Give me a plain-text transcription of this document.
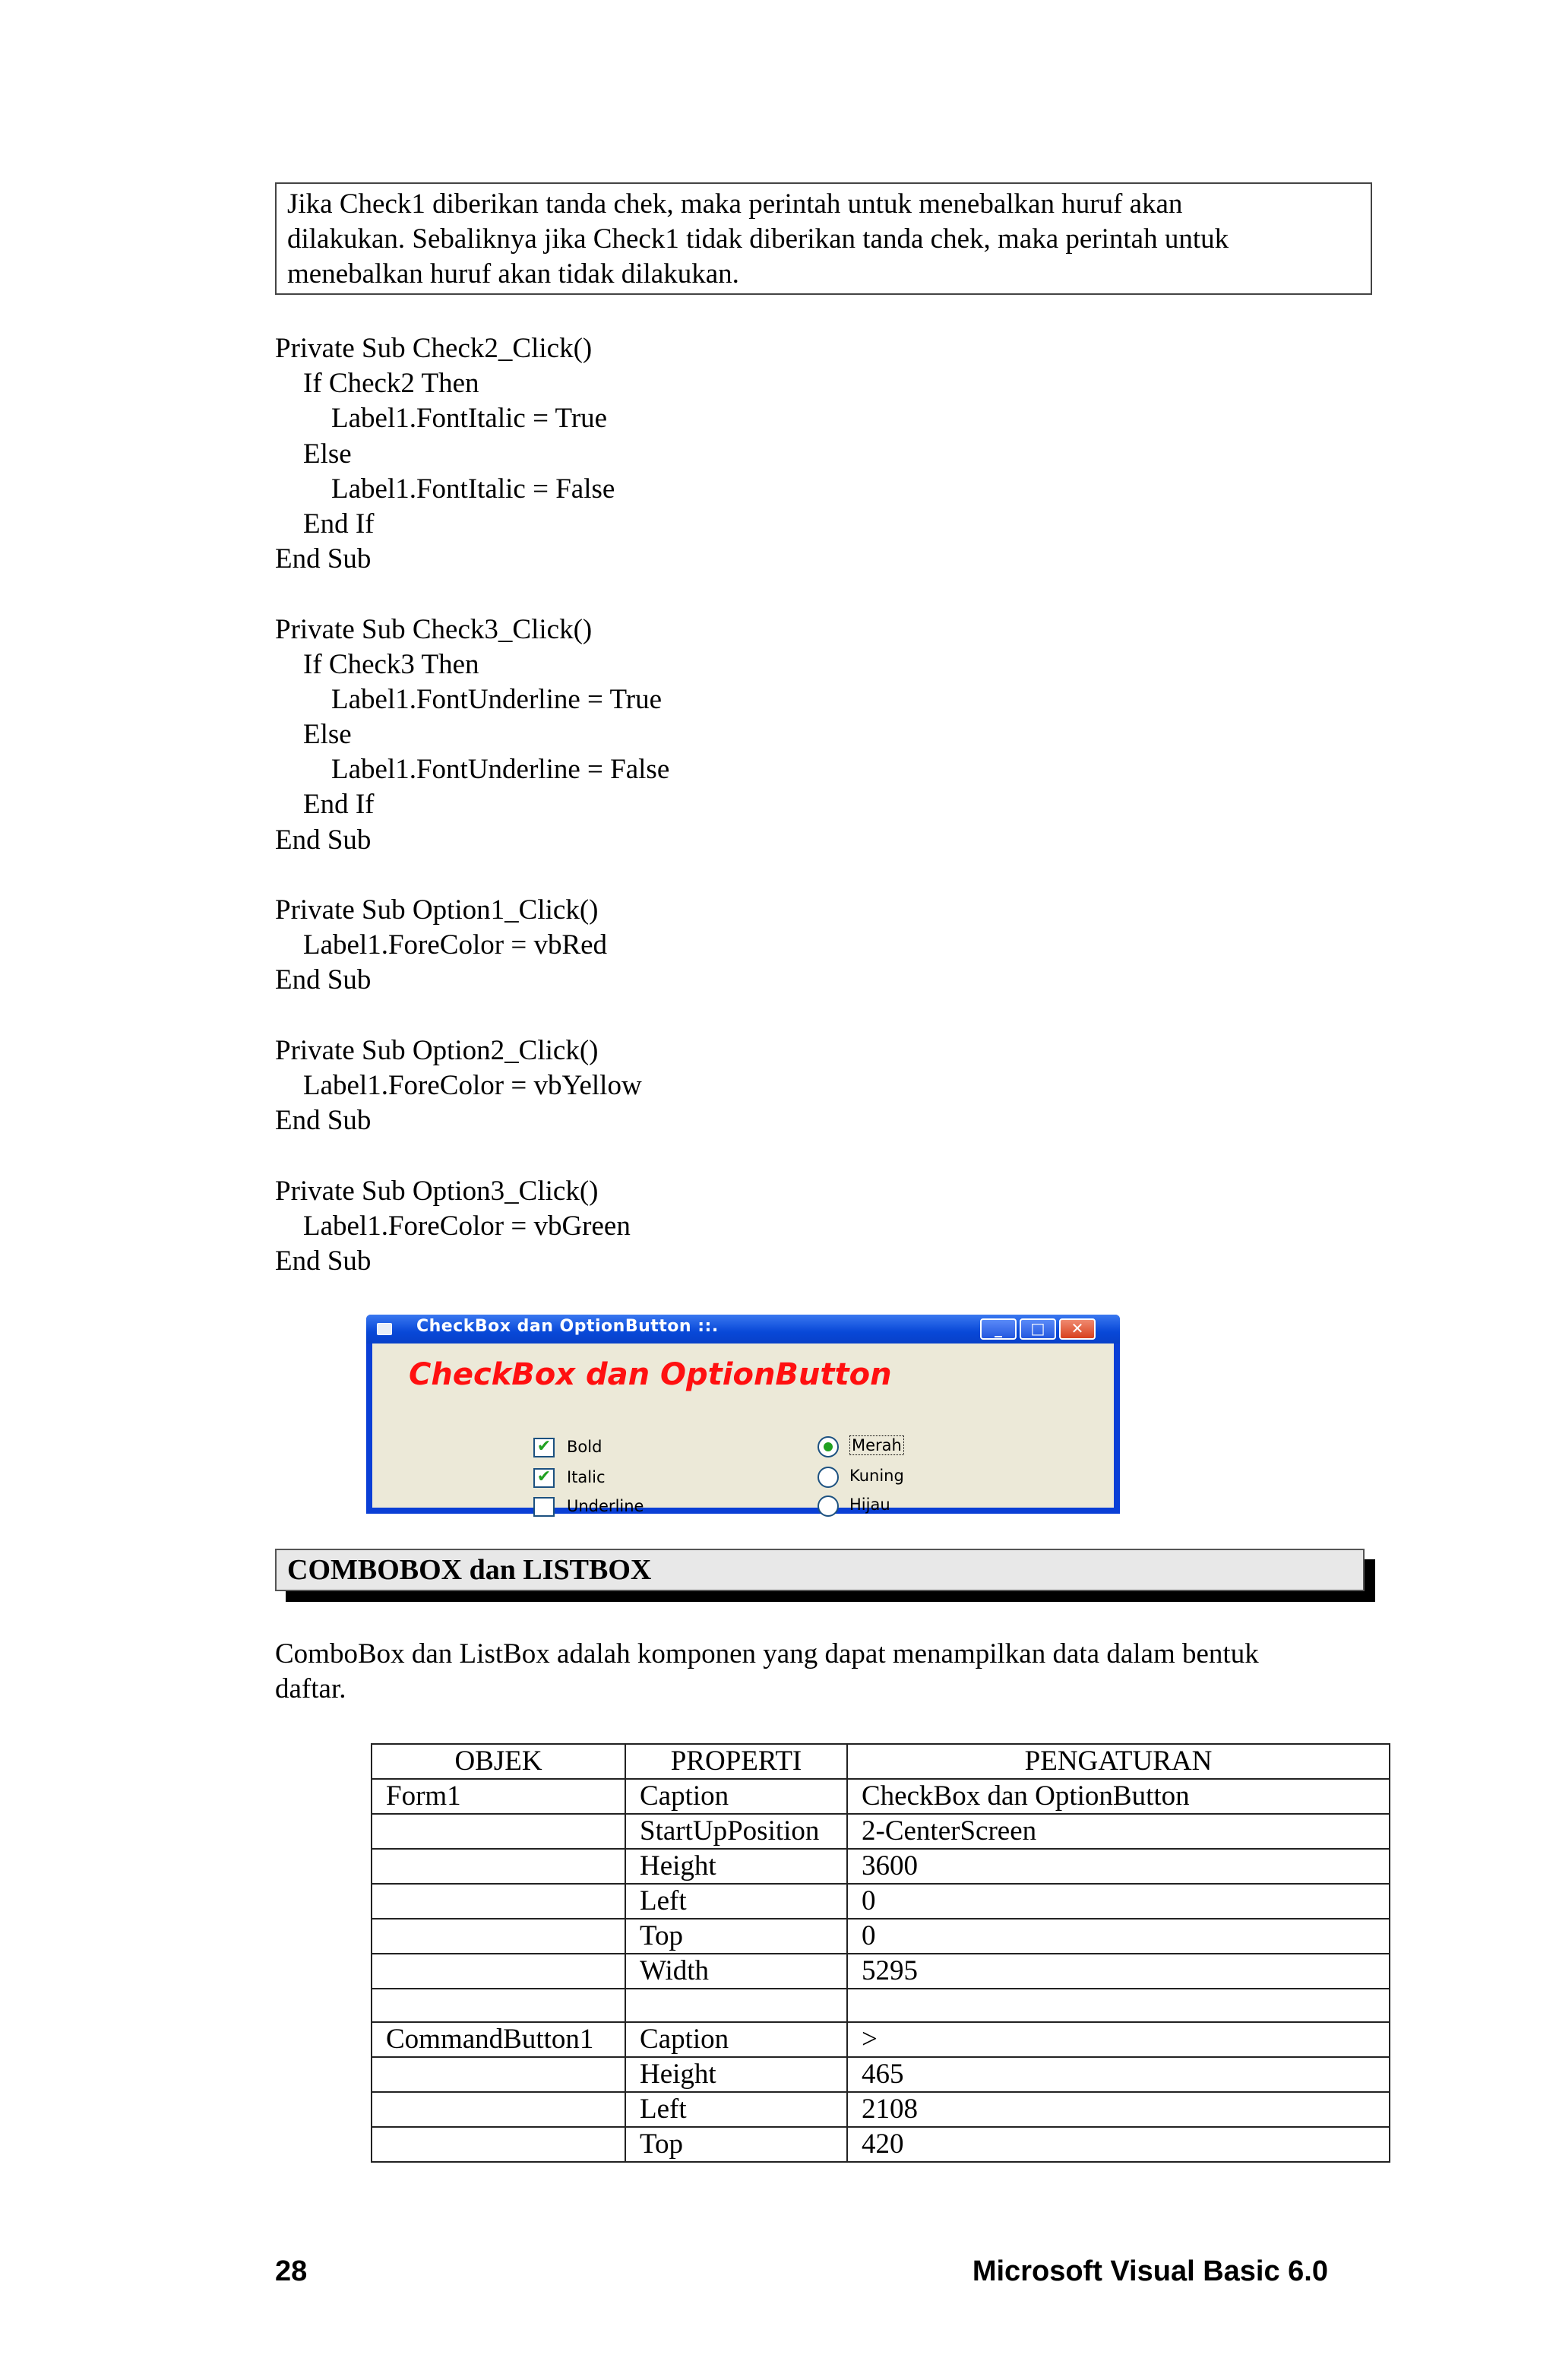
Jika Check1 diberikan tanda chek, maka perintah untuk menebalkan huruf akan
dilakukan. Sebaliknya jika Check1 tidak diberikan tanda chek, maka perintah untuk
menebalkan huruf akan tidak dilakukan.
Private Sub Check2_Click()
If Check2 Then
Label1.FontItalic = True
Else
Label1.FontItalic = False
End If
End Sub
Private Sub Check3_Click()
If Check3 Then
Label1.FontUnderline = True
Else
Label1.FontUnderline = False
End If
End Sub
Private Sub Option1_Click()
Label1.ForeColor = vbRed
End Sub
Private Sub Option2_Click()
Label1.ForeColor = vbYellow
End Sub
Private Sub Option3_Click()
Label1.ForeColor = vbGreen
End Sub
CheckBox dan OptionButton ::.	_	□	✕
CheckBox dan OptionButton
✔ Bold
✔ Italic
Underline
Merah
Kuning
Hijau
COMBOBOX dan LISTBOX
ComboBox dan ListBox adalah komponen yang dapat menampilkan data dalam bentuk
daftar.
OBJEK	PROPERTI	PENGATURAN
Form1	Caption	CheckBox dan OptionButton
	StartUpPosition	2-CenterScreen
	Height	3600
	Left	0
	Top	0
	Width	5295

CommandButton1	Caption	>
	Height	465
	Left	2108
	Top	420
28	Microsoft Visual Basic 6.0
